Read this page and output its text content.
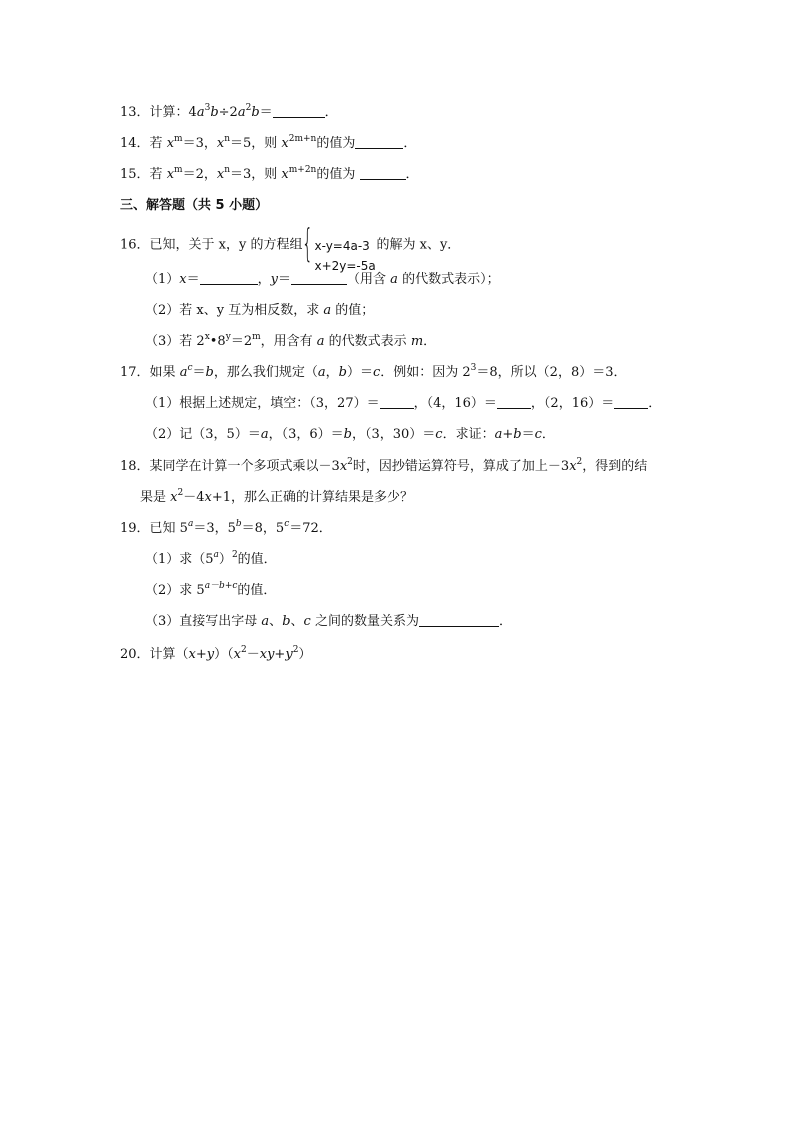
13．计算：$4a^3b\div 2a^2b=$	．
14．若 $x^m=3$，$x^n=5$，则 $x^{2m+n}$的值为	．
15．若 $x^m=2$，$x^n=3$，则 $x^{m+2n}$的值为	．
三、解答题（共 5 小题）
16．已知，关于 x，y 的方程组 { x-y=4a-3
x+2y=-5a
的解为 x、y．
（1）x＝	，y＝	（用含 a 的代数式表示）；
（2）若 x、y 互为相反数，求 a 的值；
（3）若 $2^x•8^y=2^m$，用含有 a 的代数式表示 m．
17．如果 $a^c=b$，那么我们规定（a，b）＝c．例如：因为 $2^3=8$，所以（2，8）＝3．
（1）根据上述规定，填空：（3，27）＝	，（4，16）＝	，（2，16）＝	．
（2）记（3，5）＝a，（3，6）＝b，（3，30）＝c．求证：a+b＝c．
18．某同学在计算一个多项式乘以$-3x^2$时，因抄错运算符号，算成了加上$-3x^2$，得到的结
果是 $x^2-4x+1$，那么正确的计算结果是多少？
19．已知 $5^a=3$，$5^b=8$，$5^c=72$．
（1）求$(5^a)^2$的值．
（2）求 $5^{a-b+c}$的值．
（3）直接写出字母 a、b、c 之间的数量关系为	．
20．计算$(x+y)(x^2-xy+y^2)$
